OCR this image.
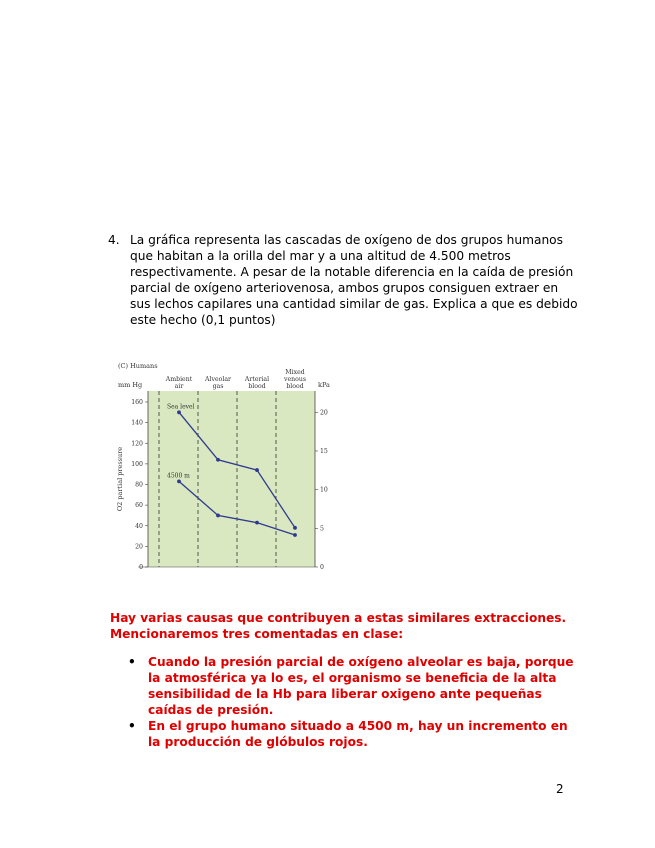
4. La gráfica representa las cascadas de oxígeno de dos grupos humanos
que habitan a la orilla del mar y a una altitud de 4.500 metros
respectivamente. A pesar de la notable diferencia en la caída de presión
parcial de oxígeno arteriovenosa, ambos grupos consiguen extraer en
sus lechos capilares una cantidad similar de gas. Explica a que es debido
este hecho (0,1 puntos)
Ambient
air
Alveolar
gas
Arterial
blood
Mixed
venous
blood
0
20
40
60
80
100
120
140
160
0
5
10
15
20
Sea level
4500 m
(C) Humans
mm Hg	kPa
O2 partial pressure

Hay varias causas que contribuyen a estas similares extracciones.

Mencionaremos tres comentadas en clase:

• Cuando la presión parcial de oxígeno alveolar es baja, porque
la atmosférica ya lo es, el organismo se beneficia de la alta
sensibilidad de la Hb para liberar oxigeno ante pequeñas
caídas de presión.
• En el grupo humano situado a 4500 m, hay un incremento en
la producción de glóbulos rojos.
2
